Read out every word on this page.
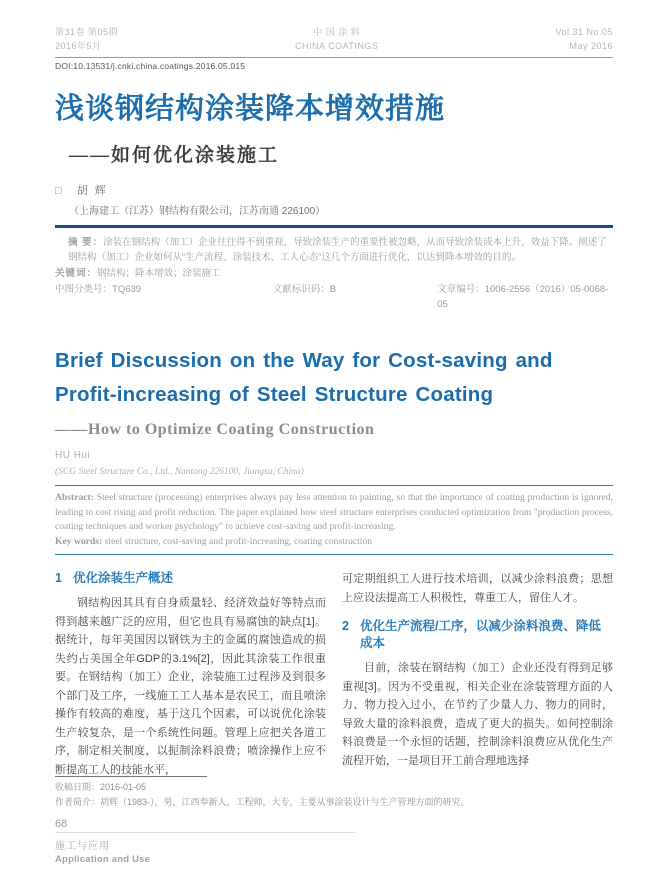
第31卷 第05期
2016年5月
中 国 涂 料
CHINA COATINGS
Vol.31 No.05
May 2016
DOI:10.13531/j.cnki.china.coatings.2016.05.015
浅谈钢结构涂装降本增效措施
——如何优化涂装施工
□ 胡 辉
（上海建工（江苏）钢结构有限公司，江苏南通 226100）
摘 要：涂装在钢结构（加工）企业往往得不到重视，导致涂装生产的重要性被忽略，从而导致涂装成本上升，效益下降。阐述了钢结构（加工）企业如何从“生产流程、涂装技术、工人心态”这几个方面进行优化，以达到降本增效的目的。
关键词：钢结构；降本增效；涂装施工
中图分类号：TQ639	文献标识码：B	文章编号：1006-2556（2016）05-0068-05
Brief Discussion on the Way for Cost-saving and Profit-increasing of Steel Structure Coating
——How to Optimize Coating Construction
HU Hui
(SCG Steel Structure Co., Ltd., Nantong 226100, Jiangsu, China)
Abstract: Steel structure (processing) enterprises always pay less attention to painting, so that the importance of coating production is ignored, leading to cost rising and profit reduction. The paper explained how steel structure enterprises conducted optimization from "production process, coating techniques and worker psychology" to achieve cost-saving and profit-increasing.
Key words: steel structure, cost-saving and profit-increasing, coating construction
1 优化涂装生产概述
钢结构因其具有自身质量轻、经济效益好等特点而得到越来越广泛的应用，但它也具有易腐蚀的缺点[1]。据统计，每年美国因以钢铁为主的金属的腐蚀造成的损失约占美国全年GDP的3.1%[2]，因此其涂装工作很重要。在钢结构（加工）企业，涂装施工过程涉及到很多个部门及工序，一线施工工人基本是农民工，而且喷涂操作有较高的难度，基于这几个因素，可以说优化涂装生产较复杂，是一个系统性问题。管理上应把关各道工序，制定相关制度，以扼制涂料浪费；喷涂操作上应不断提高工人的技能水平，
可定期组织工人进行技术培训，以减少涂料浪费；思想上应设法提高工人积极性，尊重工人，留住人才。
2 优化生产流程/工序，以减少涂料浪费、降低成本
目前，涂装在钢结构（加工）企业还没有得到足够重视[3]。因为不受重视，相关企业在涂装管理方面的人力、物力投入过小，在节约了少量人力、物力的同时，导致大量的涂料浪费，造成了更大的损失。如何控制涂料浪费是一个永恒的话题，控制涂料浪费应从优化生产流程开始，一是项目开工前合理地选择
收稿日期：2016-01-05
作者简介：胡辉（1983-），男，江西奉新人，工程师，大专，主要从事涂装设计与生产管理方面的研究。
68
施工与应用
Application and Use
